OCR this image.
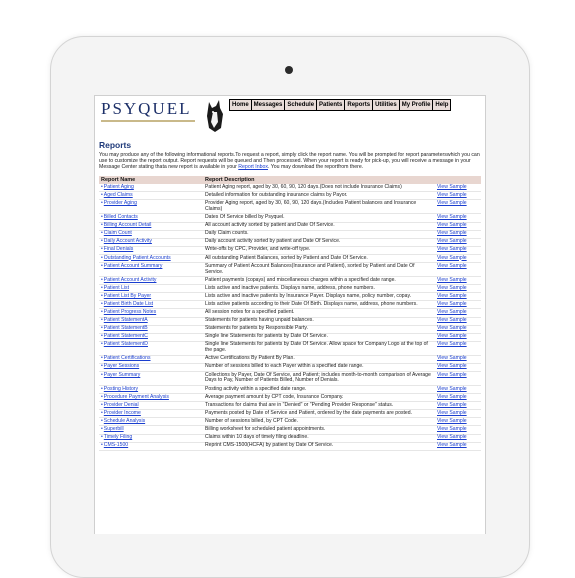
PSYQUEL	Home Messages Schedule Patients Reports Utilities My Profile Help
Reports
You may produce any of the following informational reports.To request a report, simply click the report name. You will be prompted for report parameterswhich you can use to customize the report output. Report requests will be queued and Then processed. When your report is ready for pick-up, you will receive a message in your Message Center stating thata new report is available in your Report Inbox. You may download the reportfrom there.
Report Name	Report Description	
•Patient Aging	Patient Aging report, aged by 30, 60, 90, 120 days.(Does not include Insurance Claims)	View Sample
•Aged Claims	Detailed information for outstanding insurance claims by Payor.	View Sample
•Provider Aging	Provider Aging report, aged by 30, 60, 90, 120 days.(Includes Patient balances and Insurance Claims)	View Sample
•Billed Contacts	Dates Of Service billed by Psyquel.	View Sample
•Billing Account Detail	All account activity sorted by patient and Date Of Service.	View Sample
•Claim Count	Daily Claim counts.	View Sample
•Daily Account Activity	Daily account activity sorted by patient and Date Of Service.	View Sample
•Final Denials	Write-offs by CPC, Provider, and write-off type.	View Sample
•Outstanding Patient Accounts	All outstanding Patient Balances, sorted by Patient and Date Of Service.	View Sample
•Patient Account Summary	Summary of Patient Account Balances(Insurance and Patient), sorted by Patient and Date Of Service.	View Sample
•Patient Account Activity	Patient payments (copays) and miscellaneous charges within a specified date range.	View Sample
•Patient List	Lists active and inactive patients. Displays name, address, phone numbers.	View Sample
•Patient List By Payer	Lists active and inactive patients by Insurance Payer. Displays name, policy number, copay.	View Sample
•Patient Birth Date List	Lists active patients according to their Date Of Birth. Displays name, address, phone numbers.	View Sample
•Patient Progress Notes	All session notes for a specified patient.	View Sample
•Patient StatementA	Statements for patients having unpaid balances.	View Sample
•Patient StatementB	Statements for patients by Responsible Party.	View Sample
•Patient StatementC	Single line Statements for patients by Date Of Service.	View Sample
•Patient StatementD	Single line Statements for patients by Date Of Service. Allow space for Company Logo at the top of the page.	View Sample
•Patient Certifications	Active Certifications By Patient By Plan.	View Sample
•Payer Sessions	Number of sessions billed to each Payer within a specified date range.	View Sample
•Payer Summary	Collections by Payer, Date Of Service, and Patient; includes month-to-month comparison of Average Days to Pay, Number of Patients Billed, Number of Denials.	View Sample
•Posting History	Posting activity within a specified date range.	View Sample
•Procedure Payment Analysis	Average payment amount by CPT code, Insurance Company.	View Sample
•Provider Denial	Transactions for claims that are in "Denied" or "Pending Provider Response" status.	View Sample
•Provider Income	Payments posted by Date of Service and Patient, ordered by the date payments are posted.	View Sample
•Schedule Analysis	Number of sessions billed, by CPT Code.	View Sample
•Superbill	Billing worksheet for scheduled patient appointments.	View Sample
•Timely Filing	Claims within 10 days of timely filing deadline.	View Sample
•CMS-1500	Reprint CMS-1500(HCFA) by patient by Date Of Service.	View Sample
